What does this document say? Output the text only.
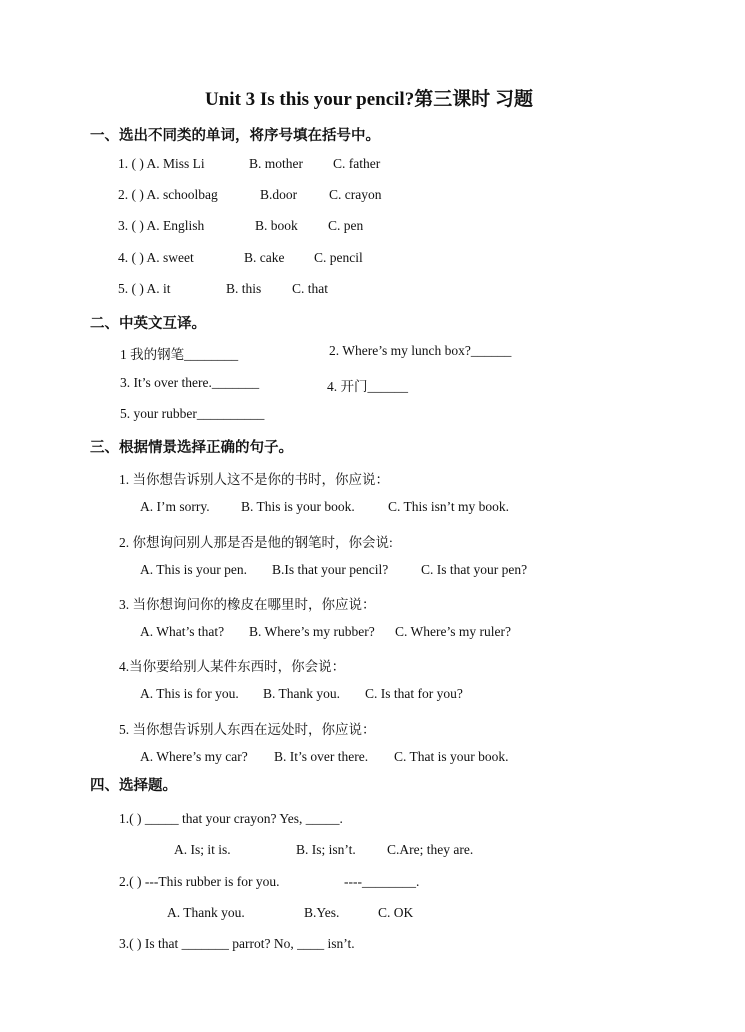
Unit 3 Is this your pencil?第三课时 习题
一、选出不同类的单词，将序号填在括号中。
1. ( ) A. Miss Li	B. mother C. father
2. ( ) A. schoolbag	B.door C. crayon
3. ( ) A. English	B. book C. pen
4. ( ) A. sweet	B. cake C. pencil
5. ( ) A. it	B. this C. that
二、中英文互译。
1 我的钢笔________	2. Where’s my lunch box?______
3. It’s over there._______	4. 开门______
5. your rubber__________
三、根据情景选择正确的句子。
1. 当你想告诉别人这不是你的书时，你应说：
A. I’m sorry. B. This is your book. C. This isn’t my book.
2. 你想询问别人那是否是他的钢笔时，你会说:
A. This is your pen. B.Is that your pencil? C. Is that your pen?
3. 当你想询问你的橡皮在哪里时，你应说：
A. What’s that? B. Where’s my rubber? C. Where’s my ruler?
4.当你要给别人某件东西时，你会说：
A. This is for you. B. Thank you. C. Is that for you?
5. 当你想告诉别人东西在远处时，你应说：
A. Where’s my car? B. It’s over there. C. That is your book.
四、选择题。
1.( ) _____ that your crayon? Yes, _____.
A. Is; it is.	B. Is; isn’t. C.Are; they are.
2.( ) ---This rubber is for you.	----________.
A. Thank you.	B.Yes.	C. OK
3.( ) Is that _______ parrot? No, ____ isn’t.
